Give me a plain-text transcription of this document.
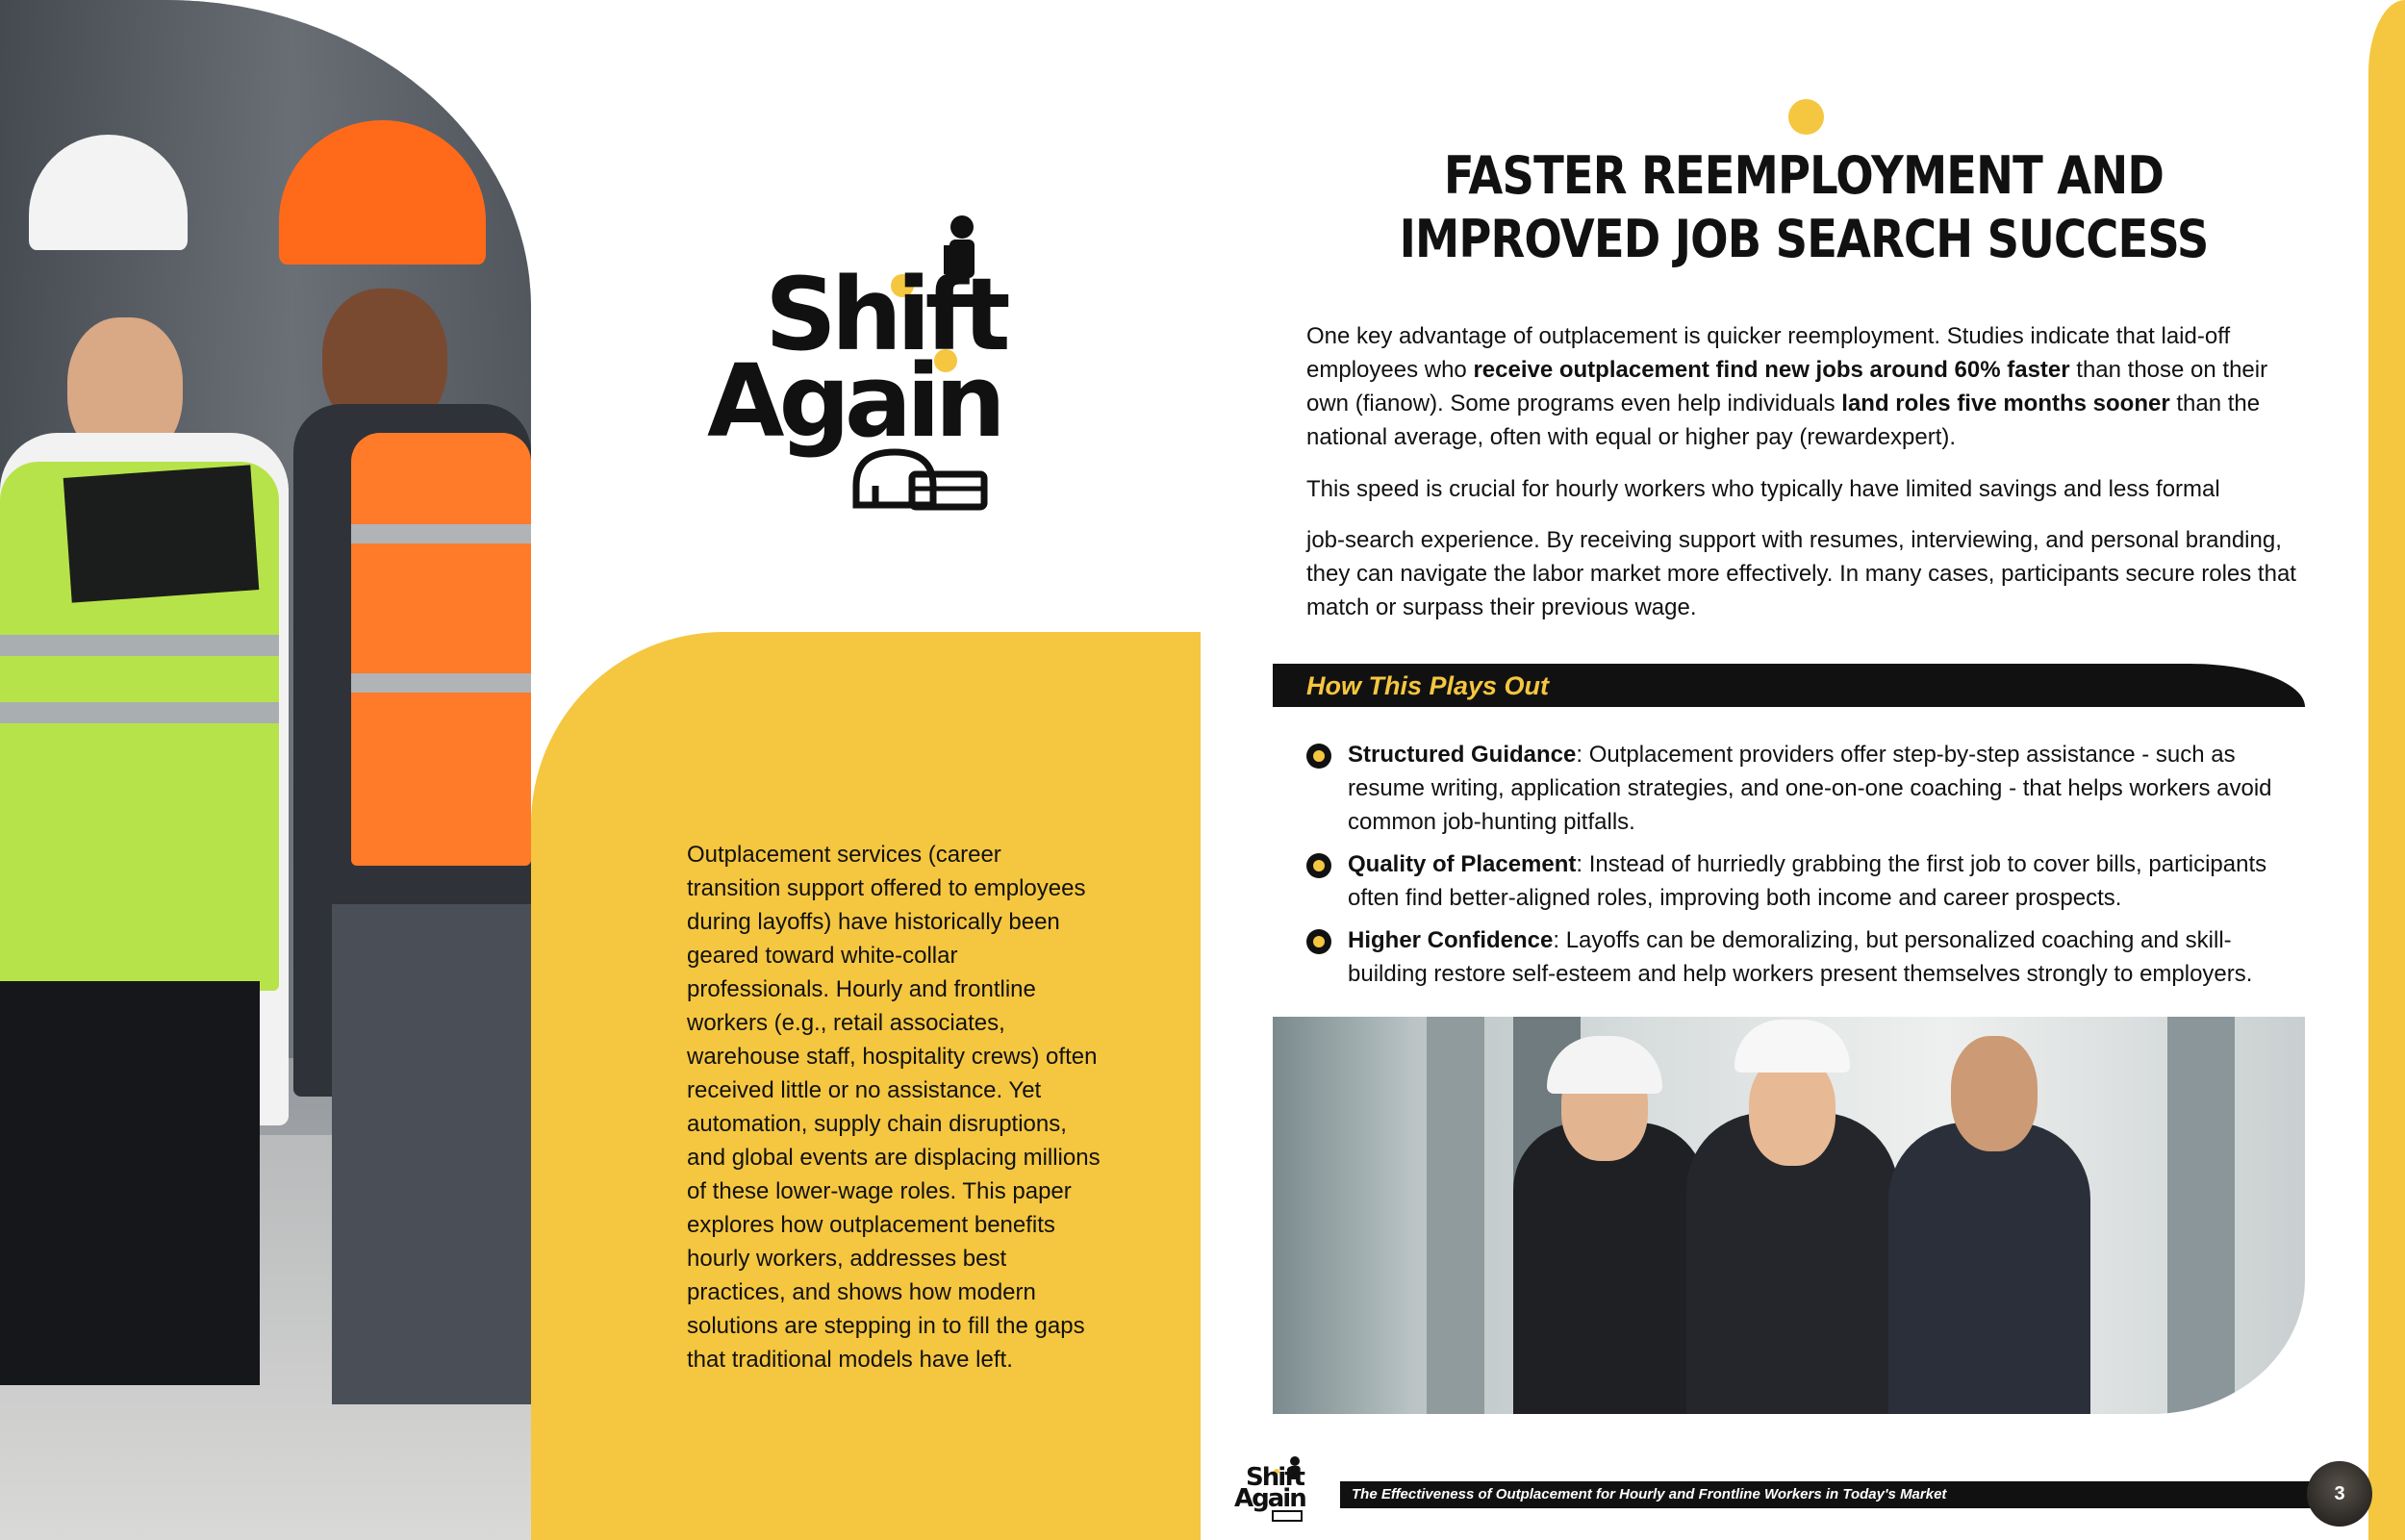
Shift
Again

Outplacement services (career transition support offered to employees during layoffs) have historically been geared toward white-collar professionals. Hourly and frontline workers (e.g., retail associates, warehouse staff, hospitality crews) often received little or no assistance. Yet automation, supply chain disruptions, and global events are displacing millions of these lower-wage roles. This paper explores how outplacement benefits hourly workers, addresses best practices, and shows how modern solutions are stepping in to fill the gaps that traditional models have left.

FASTER REEMPLOYMENT AND
IMPROVED JOB SEARCH SUCCESS

One key advantage of outplacement is quicker reemployment. Studies indicate that laid-off employees who receive outplacement find new jobs around 60% faster than those on their own (fianow). Some programs even help individuals land roles five months sooner than the national average, often with equal or higher pay (rewardexpert).

This speed is crucial for hourly workers who typically have limited savings and less formal

job-search experience. By receiving support with resumes, interviewing, and personal branding, they can navigate the labor market more effectively. In many cases, participants secure roles that match or surpass their previous wage.

How This Plays Out

Structured Guidance: Outplacement providers offer step-by-step assistance - such as resume writing, application strategies, and one-on-one coaching - that helps workers avoid common job-hunting pitfalls.

Quality of Placement: Instead of hurriedly grabbing the first job to cover bills, participants often find better-aligned roles, improving both income and career prospects.

Higher Confidence: Layoffs can be demoralizing, but personalized coaching and skill-building restore self-esteem and help workers present themselves strongly to employers.

Shift
Again	The Effectiveness of Outplacement for Hourly and Frontline Workers in Today's Market	3
